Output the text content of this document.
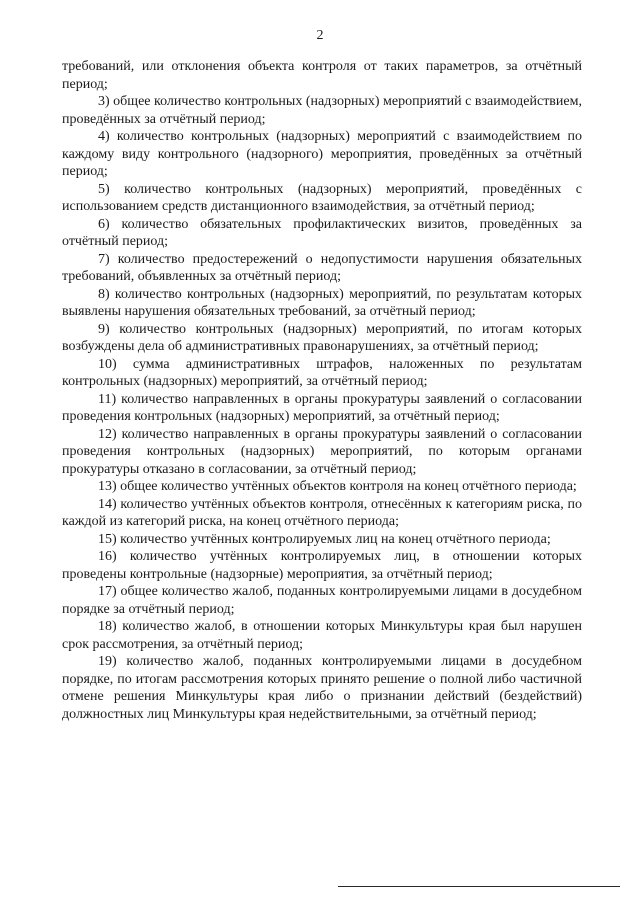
2

требований, или отклонения объекта контроля от таких параметров, за отчётный период;

3) общее количество контрольных (надзорных) мероприятий с взаимодействием, проведённых за отчётный период;

4) количество контрольных (надзорных) мероприятий с взаимодействием по каждому виду контрольного (надзорного) мероприятия, проведённых за отчётный период;

5) количество контрольных (надзорных) мероприятий, проведённых с использованием средств дистанционного взаимодействия, за отчётный период;

6) количество обязательных профилактических визитов, проведённых за отчётный период;

7) количество предостережений о недопустимости нарушения обязательных требований, объявленных за отчётный период;

8) количество контрольных (надзорных) мероприятий, по результатам которых выявлены нарушения обязательных требований, за отчётный период;

9) количество контрольных (надзорных) мероприятий, по итогам которых возбуждены дела об административных правонарушениях, за отчётный период;

10) сумма административных штрафов, наложенных по результатам контрольных (надзорных) мероприятий, за отчётный период;

11) количество направленных в органы прокуратуры заявлений о согласовании проведения контрольных (надзорных) мероприятий, за отчётный период;

12) количество направленных в органы прокуратуры заявлений о согласовании проведения контрольных (надзорных) мероприятий, по которым органами прокуратуры отказано в согласовании, за отчётный период;

13) общее количество учтённых объектов контроля на конец отчётного периода;

14) количество учтённых объектов контроля, отнесённых к категориям риска, по каждой из категорий риска, на конец отчётного периода;

15) количество учтённых контролируемых лиц на конец отчётного периода;

16) количество учтённых контролируемых лиц, в отношении которых проведены контрольные (надзорные) мероприятия, за отчётный период;

17) общее количество жалоб, поданных контролируемыми лицами в досудебном порядке за отчётный период;

18) количество жалоб, в отношении которых Минкультуры края был нарушен срок рассмотрения, за отчётный период;

19) количество жалоб, поданных контролируемыми лицами в досудебном порядке, по итогам рассмотрения которых принято решение о полной либо частичной отмене решения Минкультуры края либо о признании действий (бездействий) должностных лиц Минкультуры края недействительными, за отчётный период;
